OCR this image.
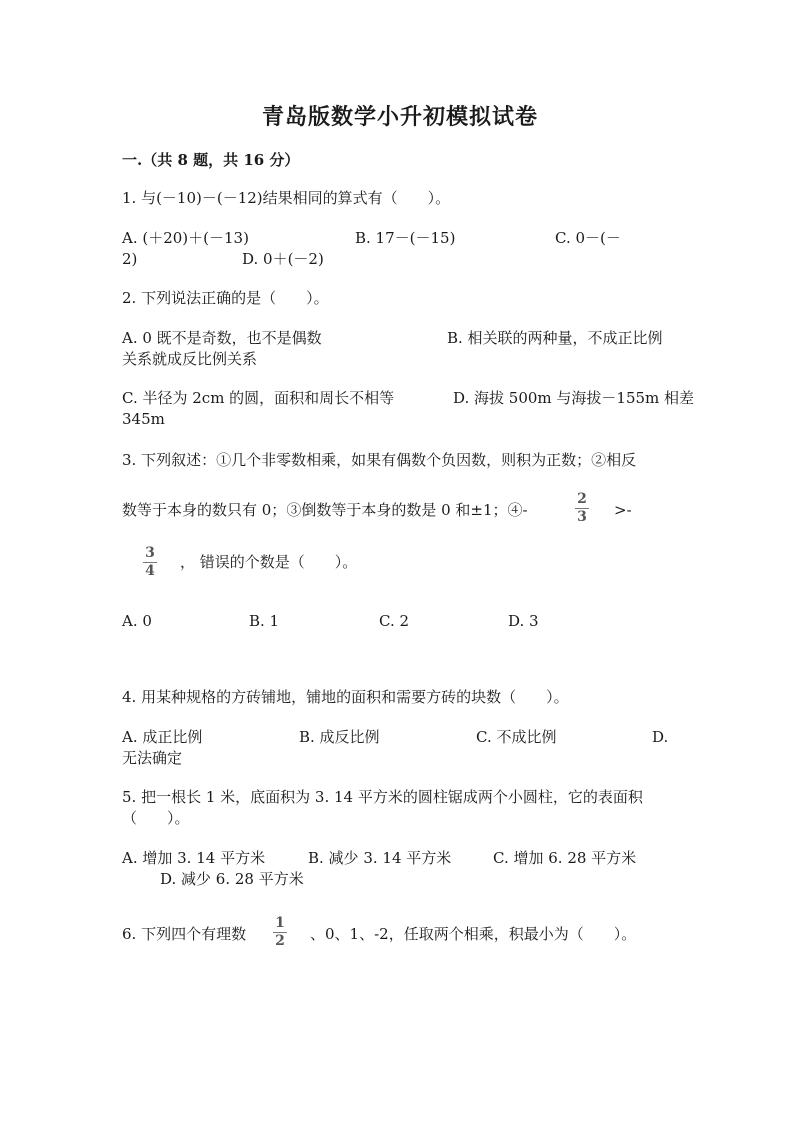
青岛版数学小升初模拟试卷
一.（共 8 题，共 16 分）
1. 与(－10)－(－12)结果相同的算式有（　　）。
A. (＋20)＋(－13)	B. 17－(－15)	C. 0－(－
2)	D. 0＋(－2)
2. 下列说法正确的是（　　）。
A. 0 既不是奇数，也不是偶数	B. 相关联的两种量，不成正比例
关系就成反比例关系
C. 半径为 2cm 的圆，面积和周长不相等	D. 海拔 500m 与海拔－155m 相差
345m
3. 下列叙述：①几个非零数相乘，如果有偶数个负因数，则积为正数；②相反
数等于本身的数只有 0；③倒数等于本身的数是 0 和±1；④-
2
3 >-
3
4 ， 错误的个数是（　　）。
A. 0	B. 1	C. 2	D. 3
4. 用某种规格的方砖铺地，铺地的面积和需要方砖的块数（　　）。
A. 成正比例	B. 成反比例	C. 不成比例	D.
无法确定
5. 把一根长 1 米，底面积为 3. 14 平方米的圆柱锯成两个小圆柱，它的表面积
（　　）。
A. 增加 3. 14 平方米	B. 减少 3. 14 平方米	C. 增加 6. 28 平方米
D. 减少 6. 28 平方米
6. 下列四个有理数
1
2 、0、1、-2，任取两个相乘，积最小为（　　）。
